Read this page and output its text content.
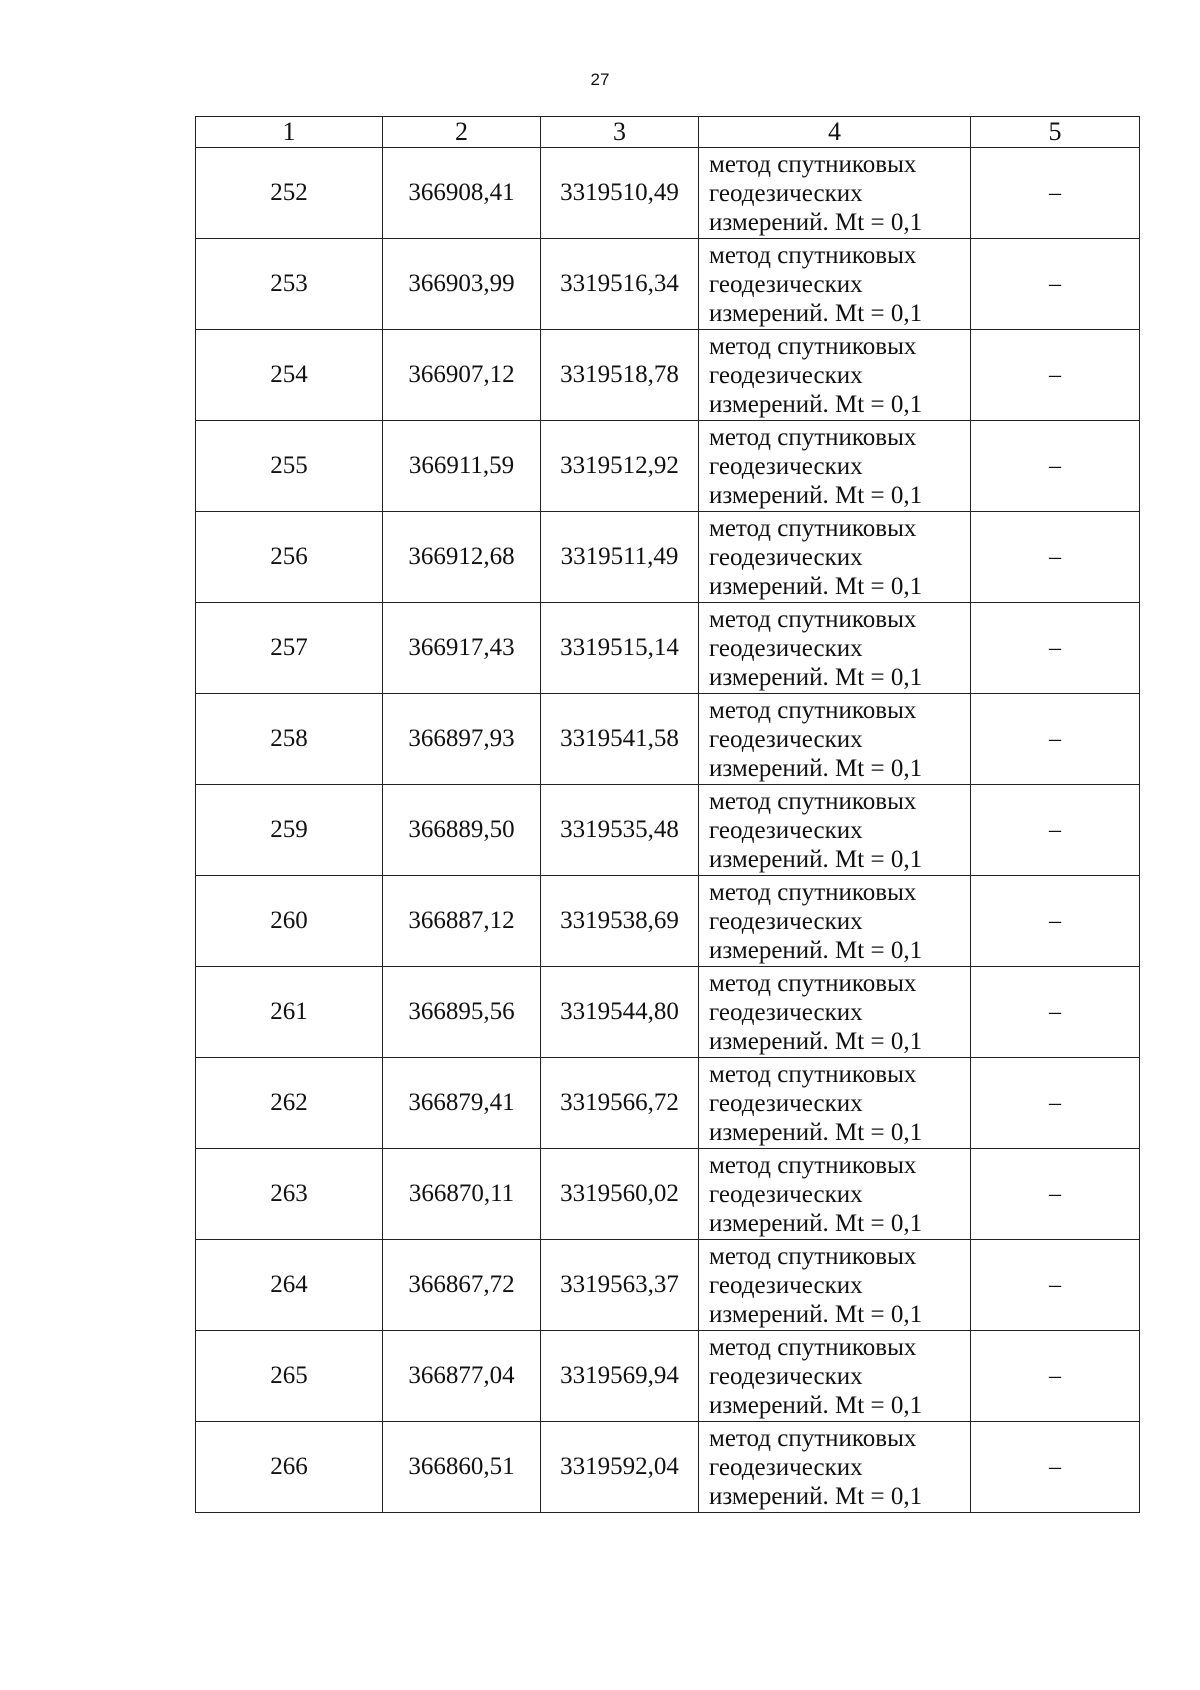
27
1	2	3	4	5
252	366908,41	3319510,49	метод спутниковых
геодезических
измерений. Mt = 0,1	–
253	366903,99	3319516,34	метод спутниковых
геодезических
измерений. Mt = 0,1	–
254	366907,12	3319518,78	метод спутниковых
геодезических
измерений. Mt = 0,1	–
255	366911,59	3319512,92	метод спутниковых
геодезических
измерений. Mt = 0,1	–
256	366912,68	3319511,49	метод спутниковых
геодезических
измерений. Mt = 0,1	–
257	366917,43	3319515,14	метод спутниковых
геодезических
измерений. Mt = 0,1	–
258	366897,93	3319541,58	метод спутниковых
геодезических
измерений. Mt = 0,1	–
259	366889,50	3319535,48	метод спутниковых
геодезических
измерений. Mt = 0,1	–
260	366887,12	3319538,69	метод спутниковых
геодезических
измерений. Mt = 0,1	–
261	366895,56	3319544,80	метод спутниковых
геодезических
измерений. Mt = 0,1	–
262	366879,41	3319566,72	метод спутниковых
геодезических
измерений. Mt = 0,1	–
263	366870,11	3319560,02	метод спутниковых
геодезических
измерений. Mt = 0,1	–
264	366867,72	3319563,37	метод спутниковых
геодезических
измерений. Mt = 0,1	–
265	366877,04	3319569,94	метод спутниковых
геодезических
измерений. Mt = 0,1	–
266	366860,51	3319592,04	метод спутниковых
геодезических
измерений. Mt = 0,1	–
